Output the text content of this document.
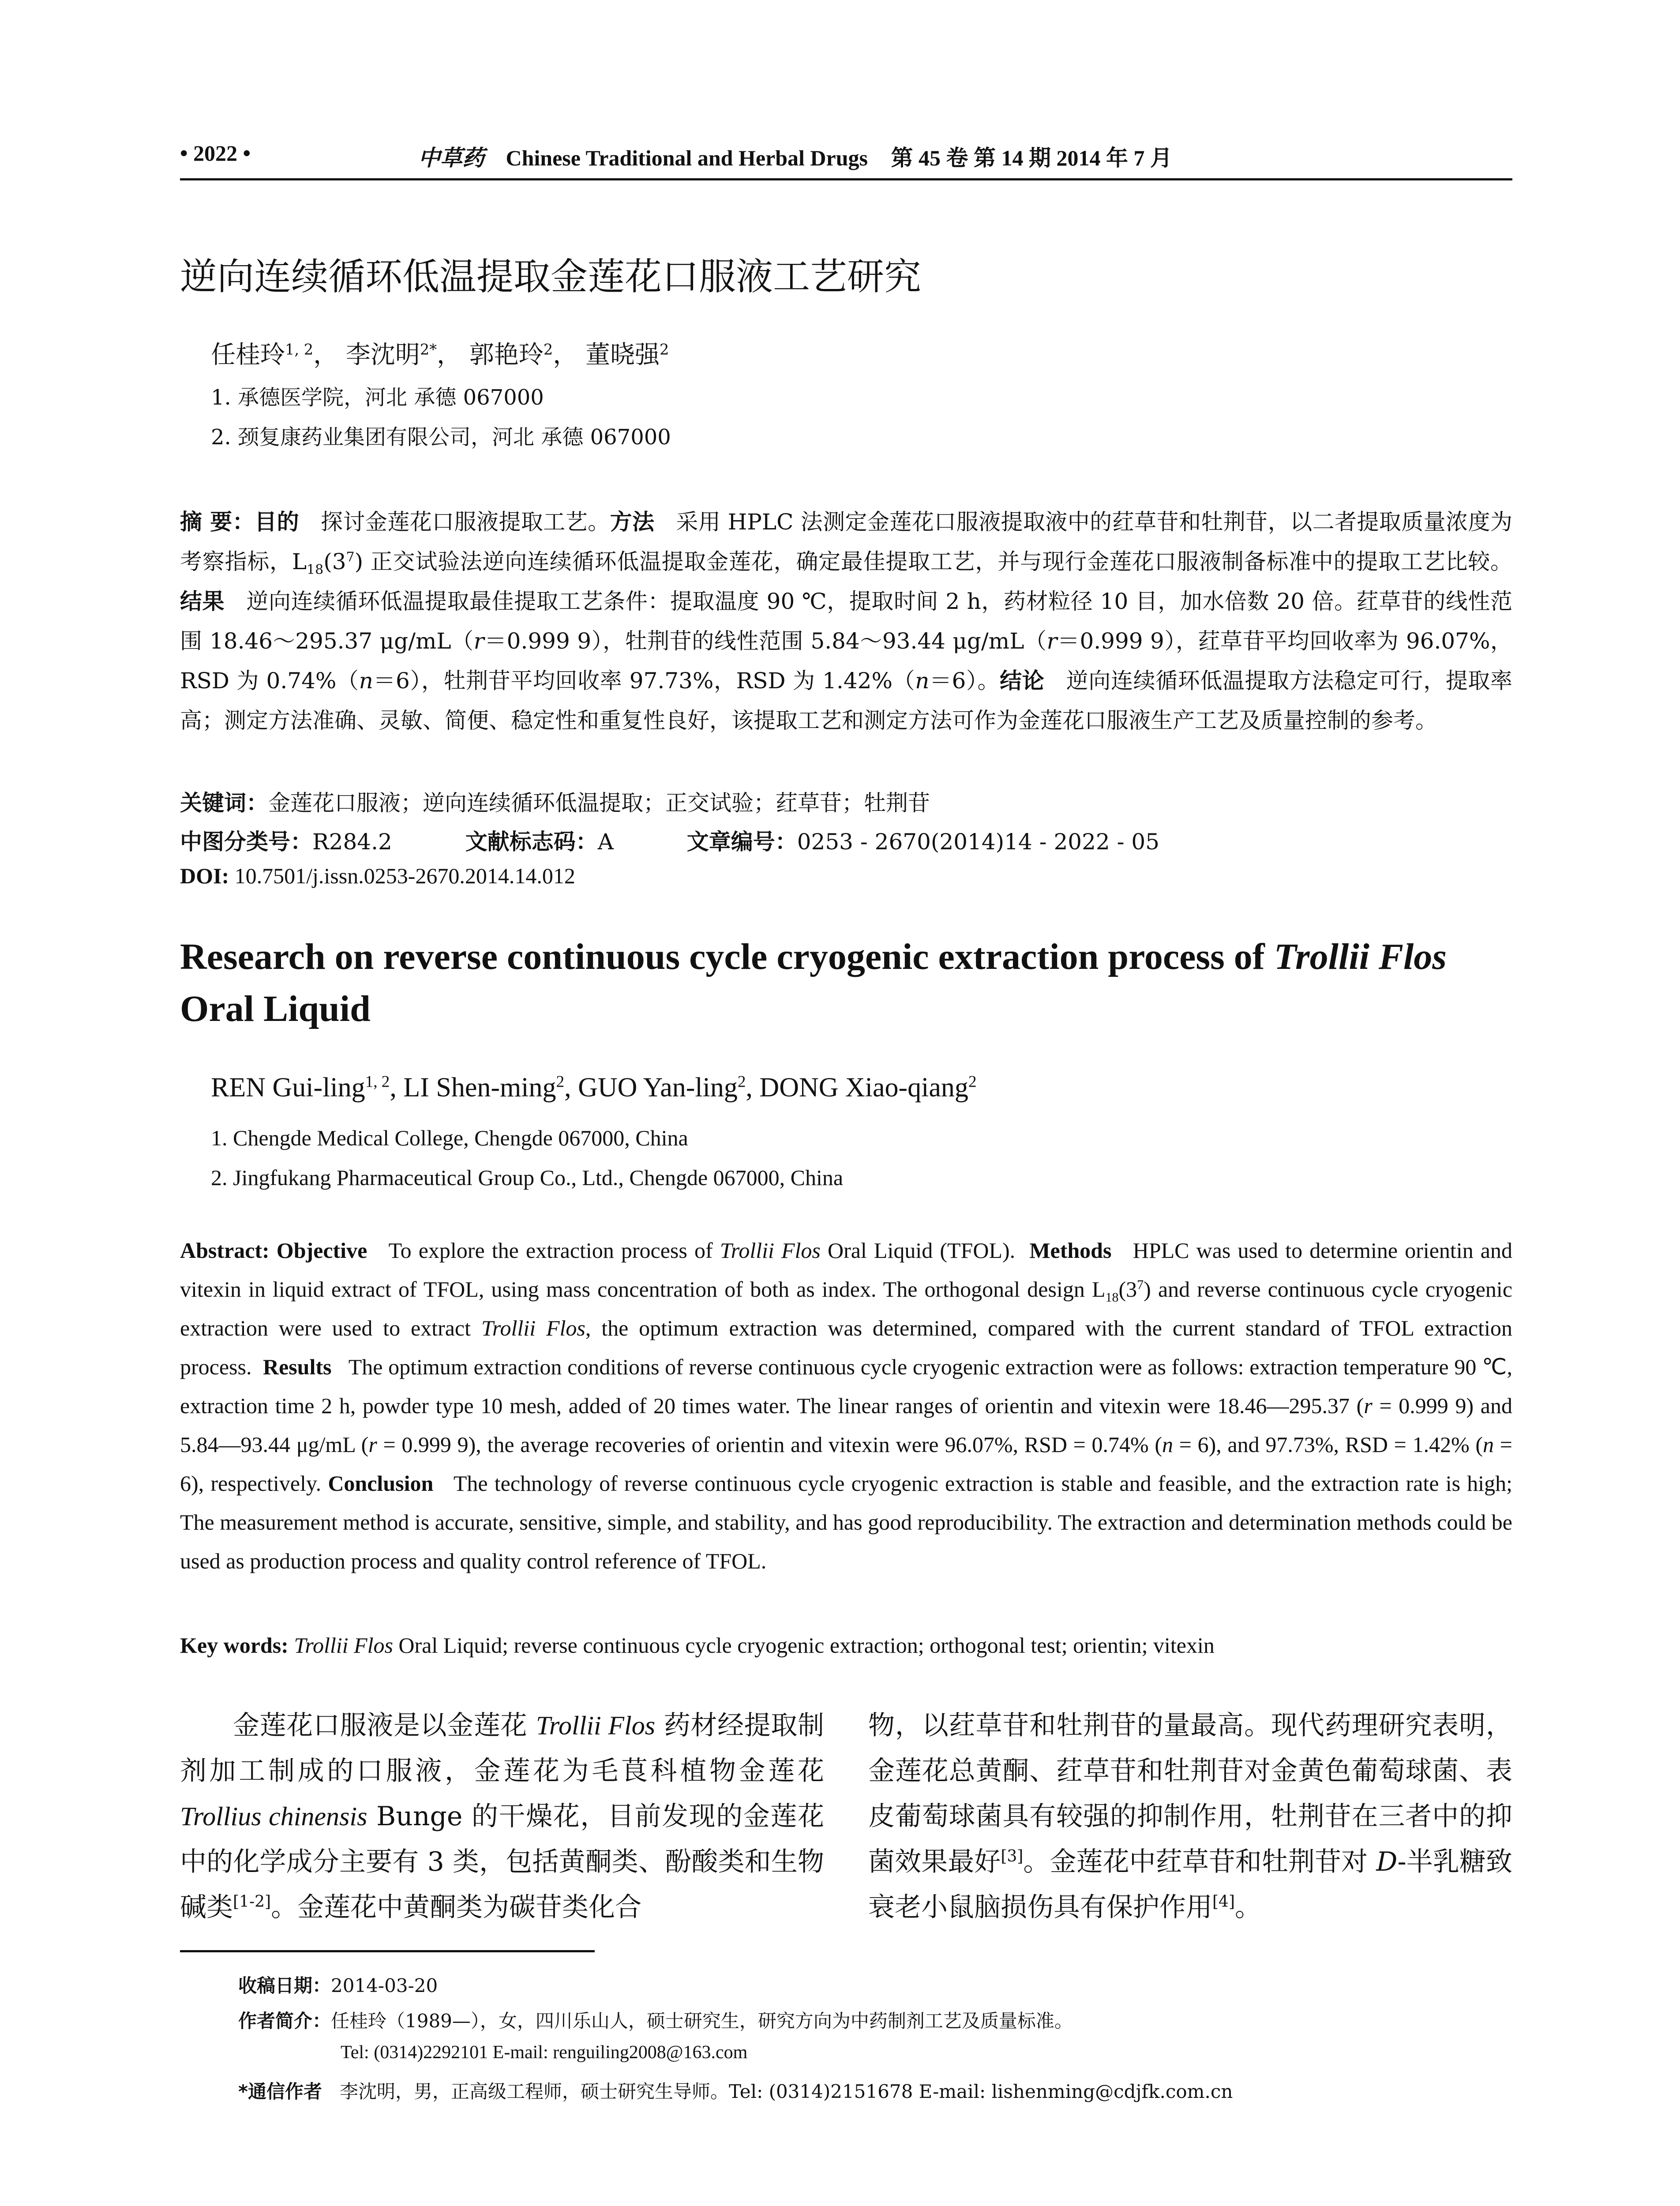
• 2022 •	中草药 Chinese Traditional and Herbal Drugs 第 45 卷 第 14 期 2014 年 7 月
逆向连续循环低温提取金莲花口服液工艺研究
任桂玲$^{1, 2}$， 李沈明$^{2*}$， 郭艳玲$^2$， 董晓强$^2$
1. 承德医学院，河北 承德 067000
2. 颈复康药业集团有限公司，河北 承德 067000
摘 要：目的 探讨金莲花口服液提取工艺。方法 采用 HPLC 法测定金莲花口服液提取液中的荭草苷和牡荆苷，以二者提取质量浓度为考察指标，$L_{18}(3^7)$ 正交试验法逆向连续循环低温提取金莲花，确定最佳提取工艺，并与现行金莲花口服液制备标准中的提取工艺比较。结果 逆向连续循环低温提取最佳提取工艺条件：提取温度 90 ℃，提取时间 2 h，药材粒径 10 目，加水倍数 20 倍。荭草苷的线性范围 18.46～295.37 μg/mL（r＝0.999 9），牡荆苷的线性范围 5.84～93.44 μg/mL（r＝0.999 9），荭草苷平均回收率为 96.07%，RSD 为 0.74%（n＝6），牡荆苷平均回收率 97.73%，RSD 为 1.42%（n＝6）。结论 逆向连续循环低温提取方法稳定可行，提取率高；测定方法准确、灵敏、简便、稳定性和重复性良好，该提取工艺和测定方法可作为金莲花口服液生产工艺及质量控制的参考。
关键词：金莲花口服液；逆向连续循环低温提取；正交试验；荭草苷；牡荆苷
中图分类号：R284.2	文献标志码：A	文章编号：0253 - 2670(2014)14 - 2022 - 05
DOI: 10.7501/j.issn.0253-2670.2014.14.012
Research on reverse continuous cycle cryogenic extraction process of Trollii Flos
Oral Liquid
REN Gui-ling$^{1, 2}$, LI Shen-ming$^2$, GUO Yan-ling$^2$, DONG Xiao-qiang$^2$
1. Chengde Medical College, Chengde 067000, China
2. Jingfukang Pharmaceutical Group Co., Ltd., Chengde 067000, China
Abstract: Objective To explore the extraction process of Trollii Flos Oral Liquid (TFOL). Methods HPLC was used to determine orientin and vitexin in liquid extract of TFOL, using mass concentration of both as index. The orthogonal design $L_{18}(3^7)$ and reverse continuous cycle cryogenic extraction were used to extract Trollii Flos, the optimum extraction was determined, compared with the current standard of TFOL extraction process. Results The optimum extraction conditions of reverse continuous cycle cryogenic extraction were as follows: extraction temperature 90 ℃, extraction time 2 h, powder type 10 mesh, added of 20 times water. The linear ranges of orientin and vitexin were 18.46—295.37 (r = 0.999 9) and 5.84—93.44 μg/mL (r = 0.999 9), the average recoveries of orientin and vitexin were 96.07%, RSD = 0.74% (n = 6), and 97.73%, RSD = 1.42% (n = 6), respectively. Conclusion The technology of reverse continuous cycle cryogenic extraction is stable and feasible, and the extraction rate is high; The measurement method is accurate, sensitive, simple, and stability, and has good reproducibility. The extraction and determination methods could be used as production process and quality control reference of TFOL.
Key words: Trollii Flos Oral Liquid; reverse continuous cycle cryogenic extraction; orthogonal test; orientin; vitexin
金莲花口服液是以金莲花 Trollii Flos 药材经提取制剂加工制成的口服液，金莲花为毛茛科植物金莲花 Trollius chinensis Bunge 的干燥花，目前发现的金莲花中的化学成分主要有 3 类，包括黄酮类、酚酸类和生物碱类[1-2]。金莲花中黄酮类为碳苷类化合
物，以荭草苷和牡荆苷的量最高。现代药理研究表明，金莲花总黄酮、荭草苷和牡荆苷对金黄色葡萄球菌、表皮葡萄球菌具有较强的抑制作用，牡荆苷在三者中的抑菌效果最好[3]。金莲花中荭草苷和牡荆苷对 D-半乳糖致衰老小鼠脑损伤具有保护作用[4]。
收稿日期：2014-03-20
作者简介：任桂玲（1989—），女，四川乐山人，硕士研究生，研究方向为中药制剂工艺及质量标准。
Tel: (0314)2292101 E-mail: renguiling2008@163.com
*通信作者 李沈明，男，正高级工程师，硕士研究生导师。Tel: (0314)2151678 E-mail: lishenming@cdjfk.com.cn
